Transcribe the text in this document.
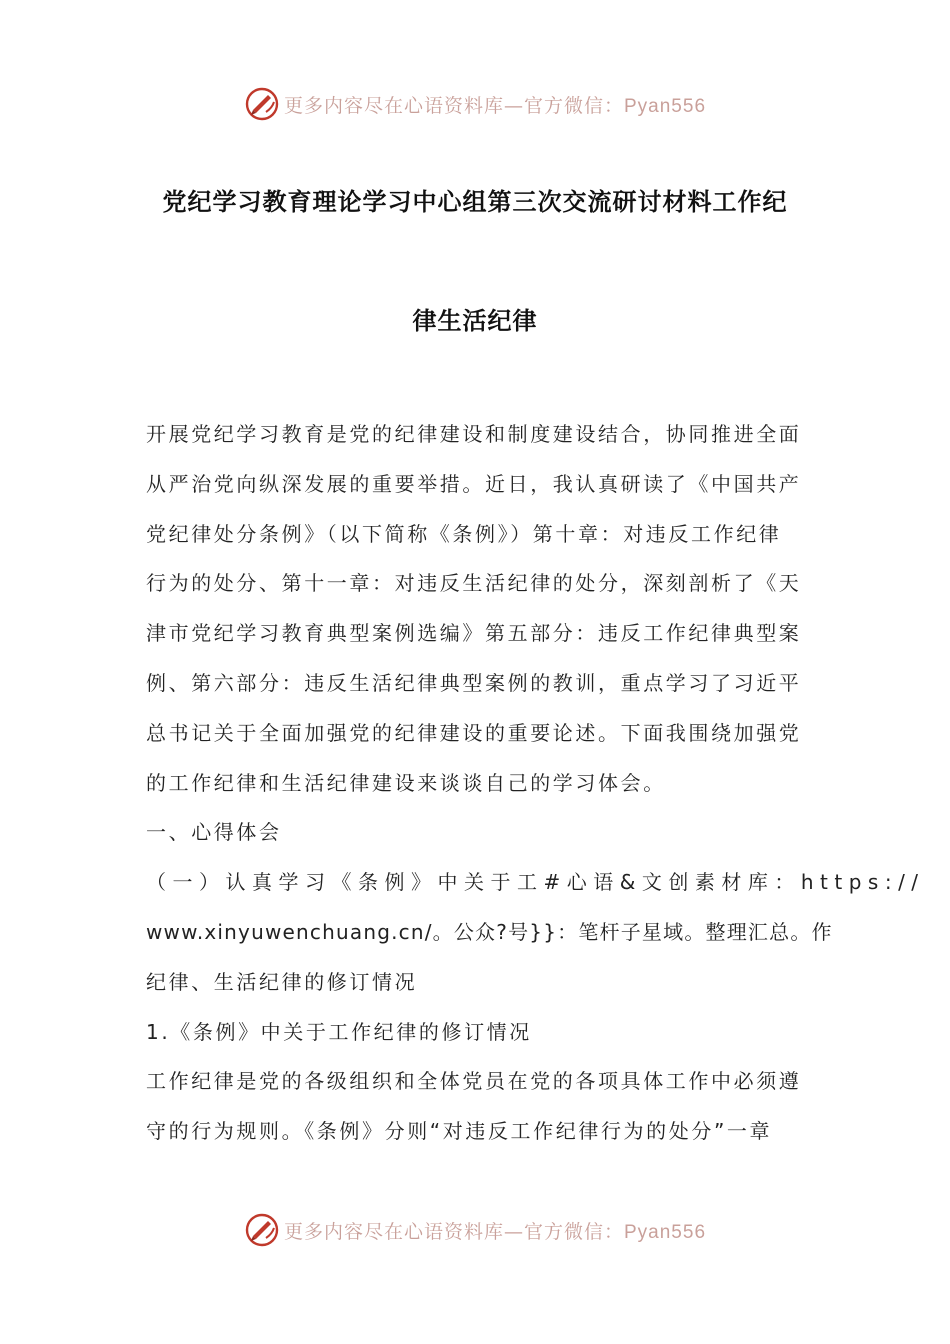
更多内容尽在心语资料库—官方微信：Pyan556
党纪学习教育理论学习中心组第三次交流研讨材料工作纪
律生活纪律
开展党纪学习教育是党的纪律建设和制度建设结合，协同推进全面
从严治党向纵深发展的重要举措。近日，我认真研读了《中国共产
党纪律处分条例》（以下简称《条例》）第十章：对违反工作纪律
行为的处分、第十一章：对违反生活纪律的处分，深刻剖析了《天
津市党纪学习教育典型案例选编》第五部分：违反工作纪律典型案
例、第六部分：违反生活纪律典型案例的教训，重点学习了习近平
总书记关于全面加强党的纪律建设的重要论述。下面我围绕加强党
的工作纪律和生活纪律建设来谈谈自己的学习体会。
一、心得体会
（一）认真学习《条例》中关于工#心语&文创素材库：https://
www.xinyuwenchuang.cn/。公众?号}}：笔杆子星域。整理汇总。作
纪律、生活纪律的修订情况
1.《条例》中关于工作纪律的修订情况
工作纪律是党的各级组织和全体党员在党的各项具体工作中必须遵
守的行为规则。《条例》分则“对违反工作纪律行为的处分”一章
更多内容尽在心语资料库—官方微信：Pyan556
